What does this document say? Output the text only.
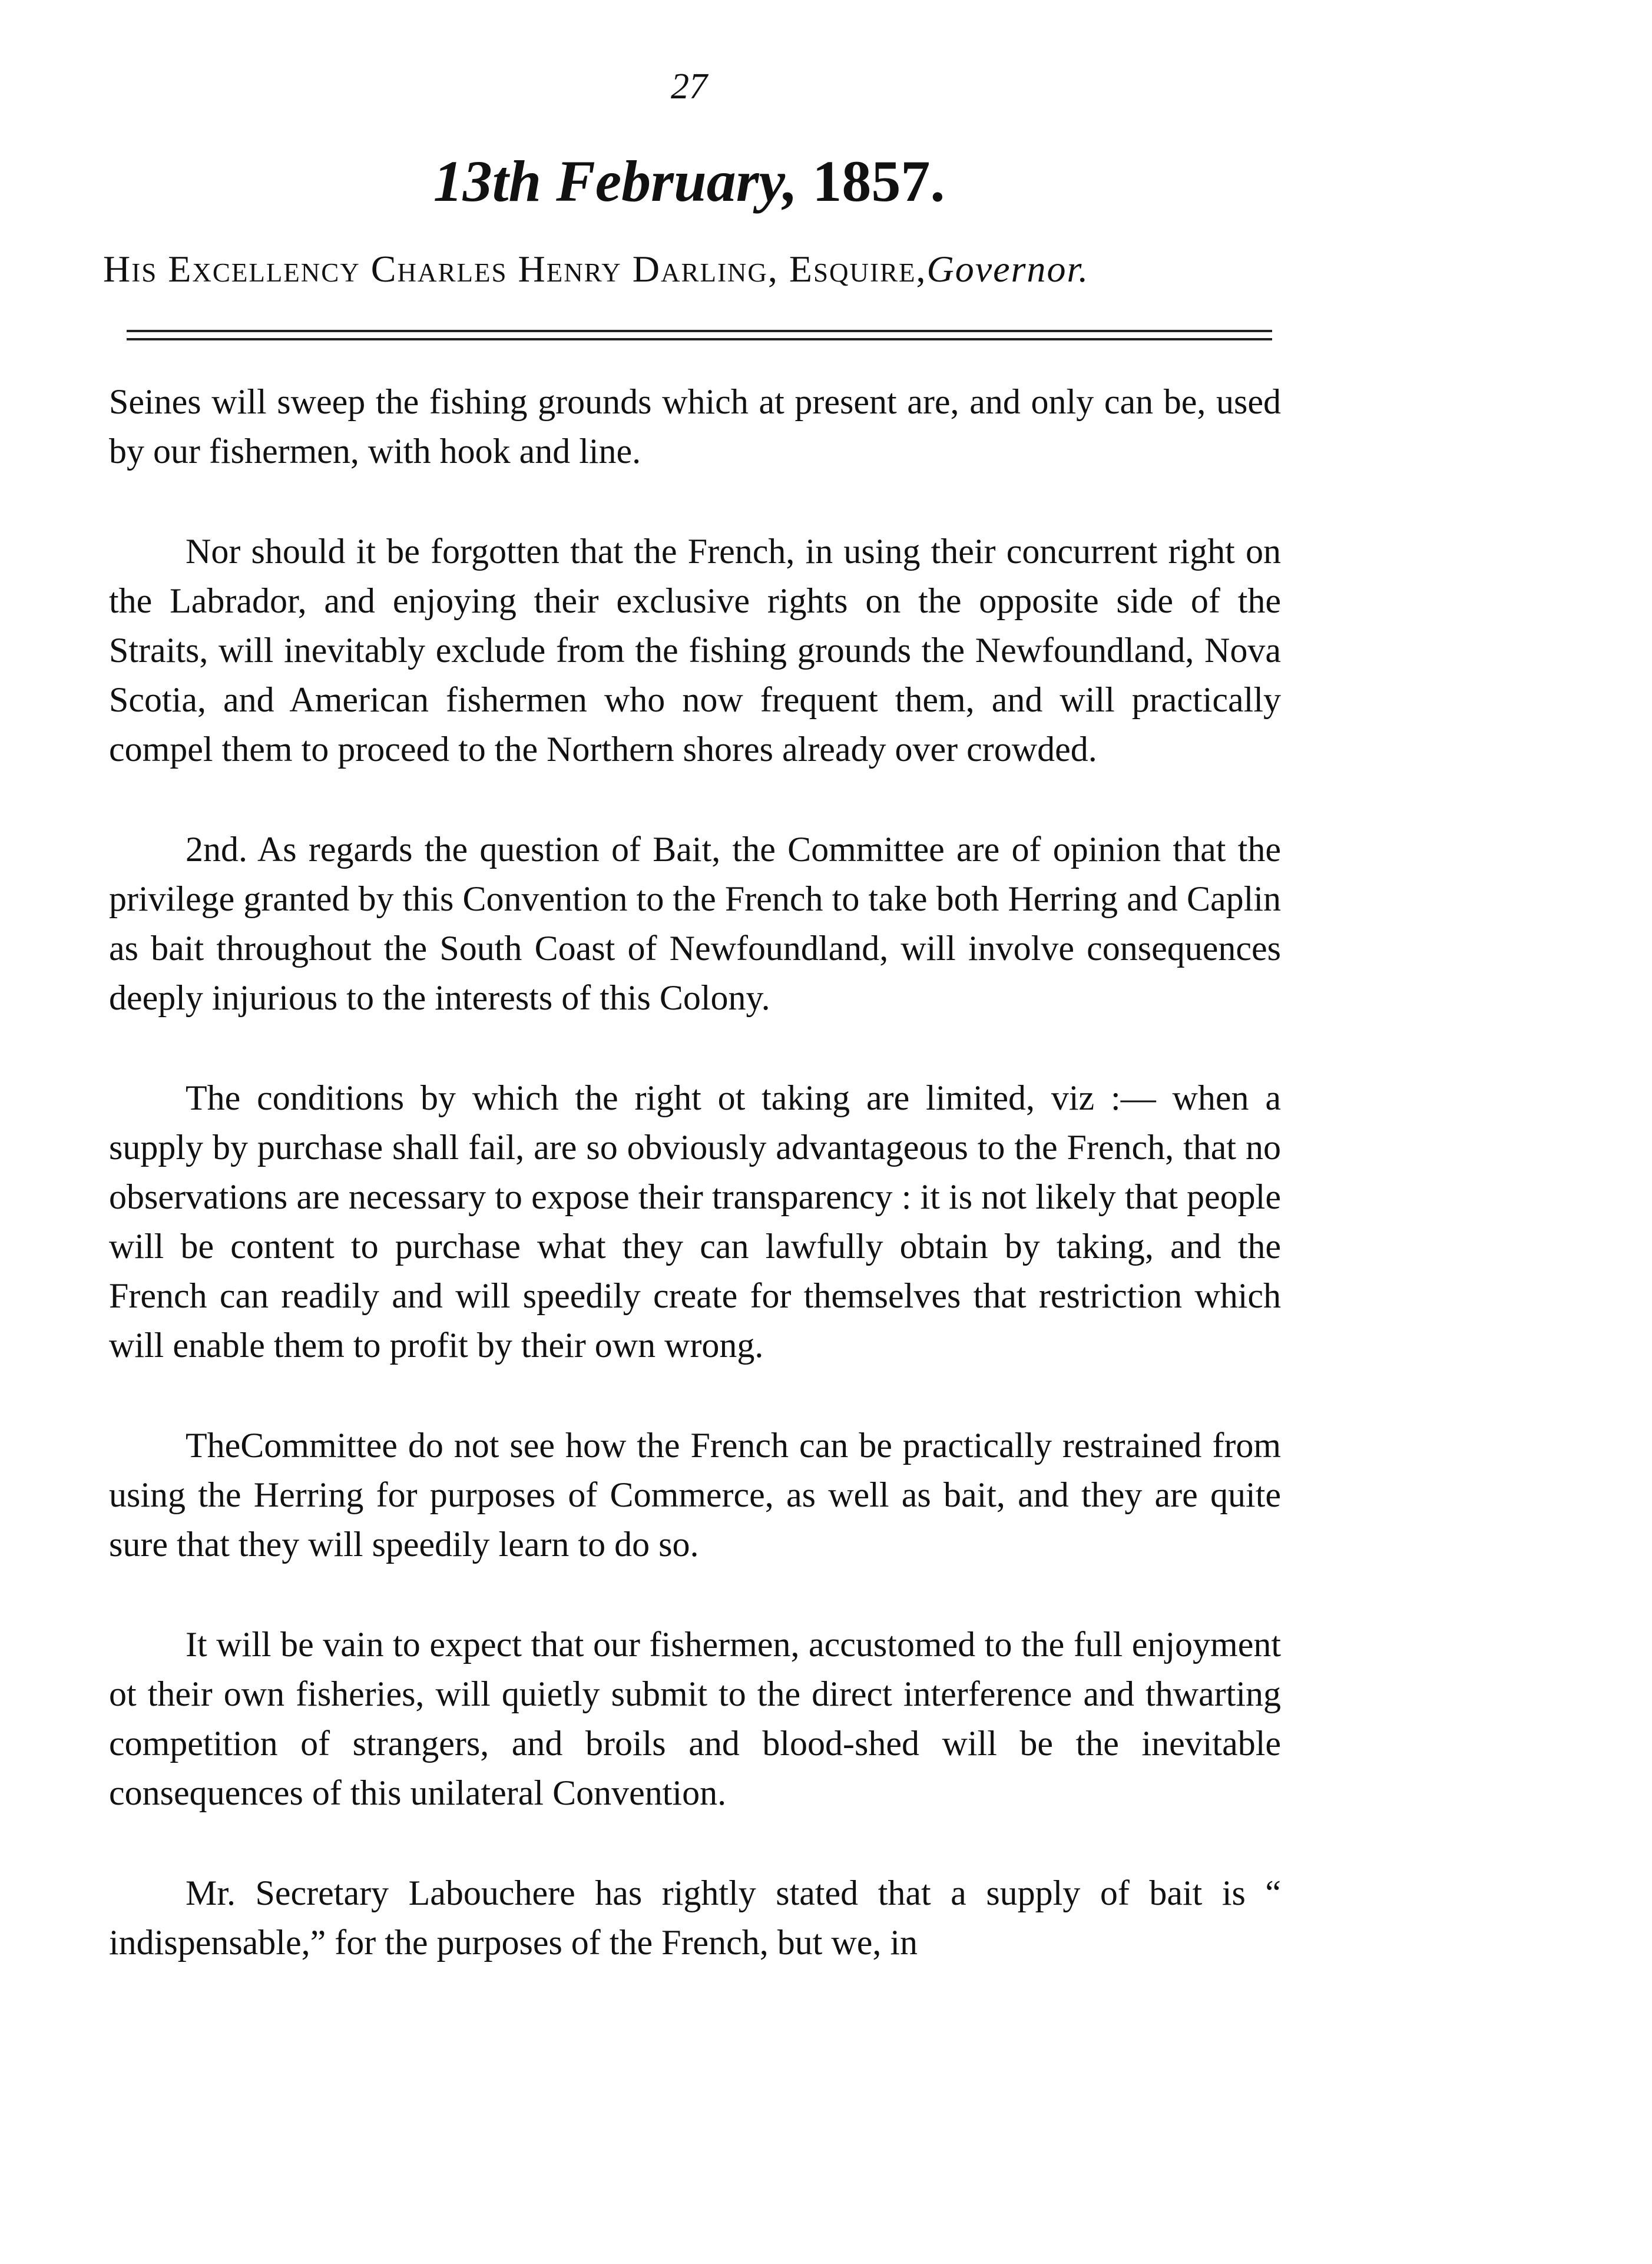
27
13th February, 1857.
His Excellency Charles Henry Darling, Esquire,Governor.

Seines will sweep the fishing grounds which at present are, and only can be, used by our fishermen, with hook and line.

Nor should it be forgotten that the French, in using their concurrent right on the Labrador, and enjoying their exclusive rights on the opposite side of the Straits, will inevitably exclude from the fishing grounds the Newfoundland, Nova Scotia, and American fishermen who now frequent them, and will practically compel them to proceed to the Northern shores already over crowded.

2nd. As regards the question of Bait, the Committee are of opinion that the privilege granted by this Convention to the French to take both Herring and Caplin as bait throughout the South Coast of Newfoundland, will involve consequences deeply injurious to the interests of this Colony.

The conditions by which the right ot taking are limited, viz :— when a supply by purchase shall fail, are so obviously advantageous to the French, that no observations are necessary to expose their transparency : it is not likely that people will be content to purchase what they can lawfully obtain by taking, and the French can readily and will speedily create for themselves that restriction which will enable them to profit by their own wrong.

TheCommittee do not see how the French can be practically restrained from using the Herring for purposes of Commerce, as well as bait, and they are quite sure that they will speedily learn to do so.

It will be vain to expect that our fishermen, accustomed to the full enjoyment ot their own fisheries, will quietly submit to the direct interference and thwarting competition of strangers, and broils and blood-shed will be the inevitable consequences of this unilateral Convention.

Mr. Secretary Labouchere has rightly stated that a supply of bait is “ indispensable,” for the purposes of the French, but we, in
